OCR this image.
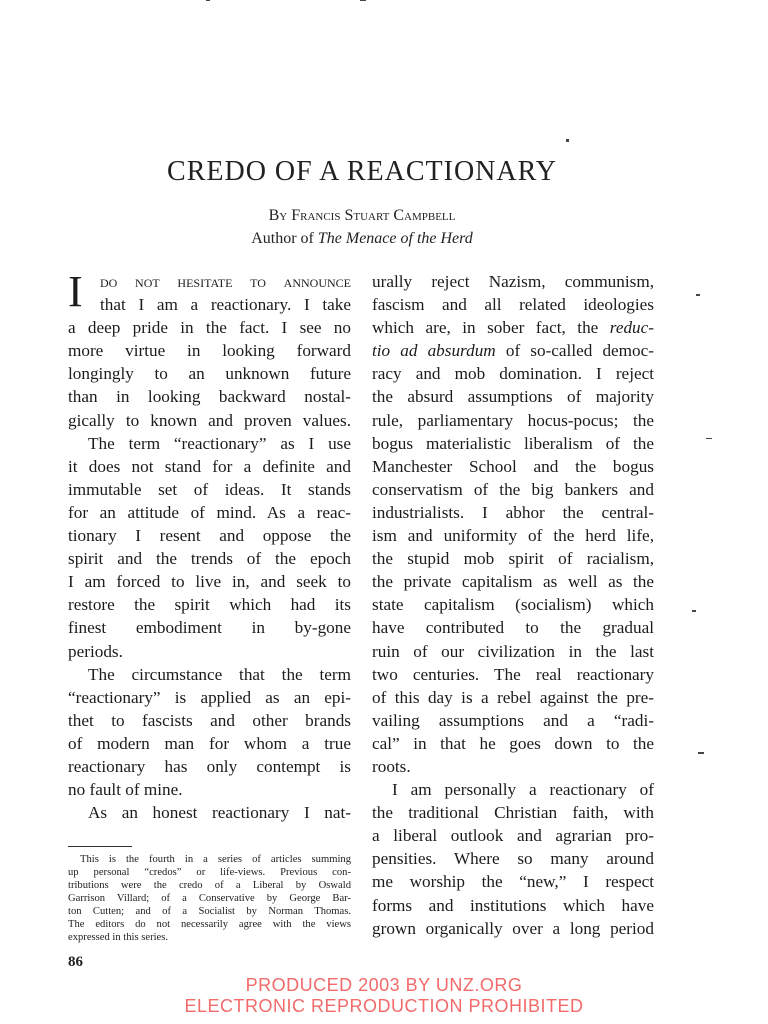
CREDO OF A REACTIONARY
By Francis Stuart Campbell
Author of The Menace of the Herd
I	do not hesitate to announce
that I am a reactionary. I take
a deep pride in the fact. I see no
more virtue in looking forward
longingly to an unknown future
than in looking backward nostal-
gically to known and proven values.
The term “reactionary” as I use
it does not stand for a definite and
immutable set of ideas. It stands
for an attitude of mind. As a reac-
tionary I resent and oppose the
spirit and the trends of the epoch
I am forced to live in, and seek to
restore the spirit which had its
finest embodiment in by-gone
periods.
The circumstance that the term
“reactionary” is applied as an epi-
thet to fascists and other brands
of modern man for whom a true
reactionary has only contempt is
no fault of mine.
As an honest reactionary I nat-
urally reject Nazism, communism,
fascism and all related ideologies
which are, in sober fact, the reduc-
tio ad absurdum of so-called democ-
racy and mob domination. I reject
the absurd assumptions of majority
rule, parliamentary hocus-pocus; the
bogus materialistic liberalism of the
Manchester School and the bogus
conservatism of the big bankers and
industrialists. I abhor the central-
ism and uniformity of the herd life,
the stupid mob spirit of racialism,
the private capitalism as well as the
state capitalism (socialism) which
have contributed to the gradual
ruin of our civilization in the last
two centuries. The real reactionary
of this day is a rebel against the pre-
vailing assumptions and a “radi-
cal” in that he goes down to the
roots.
I am personally a reactionary of
the traditional Christian faith, with
a liberal outlook and agrarian pro-
pensities. Where so many around
me worship the “new,” I respect
forms and institutions which have
grown organically over a long period
This is the fourth in a series of articles summing
up personal “credos” or life-views. Previous con-
tributions were the credo of a Liberal by Oswald
Garrison Villard; of a Conservative by George Bar-
ton Cutten; and of a Socialist by Norman Thomas.
The editors do not necessarily agree with the views
expressed in this series.
86
PRODUCED 2003 BY UNZ.ORG
ELECTRONIC REPRODUCTION PROHIBITED
